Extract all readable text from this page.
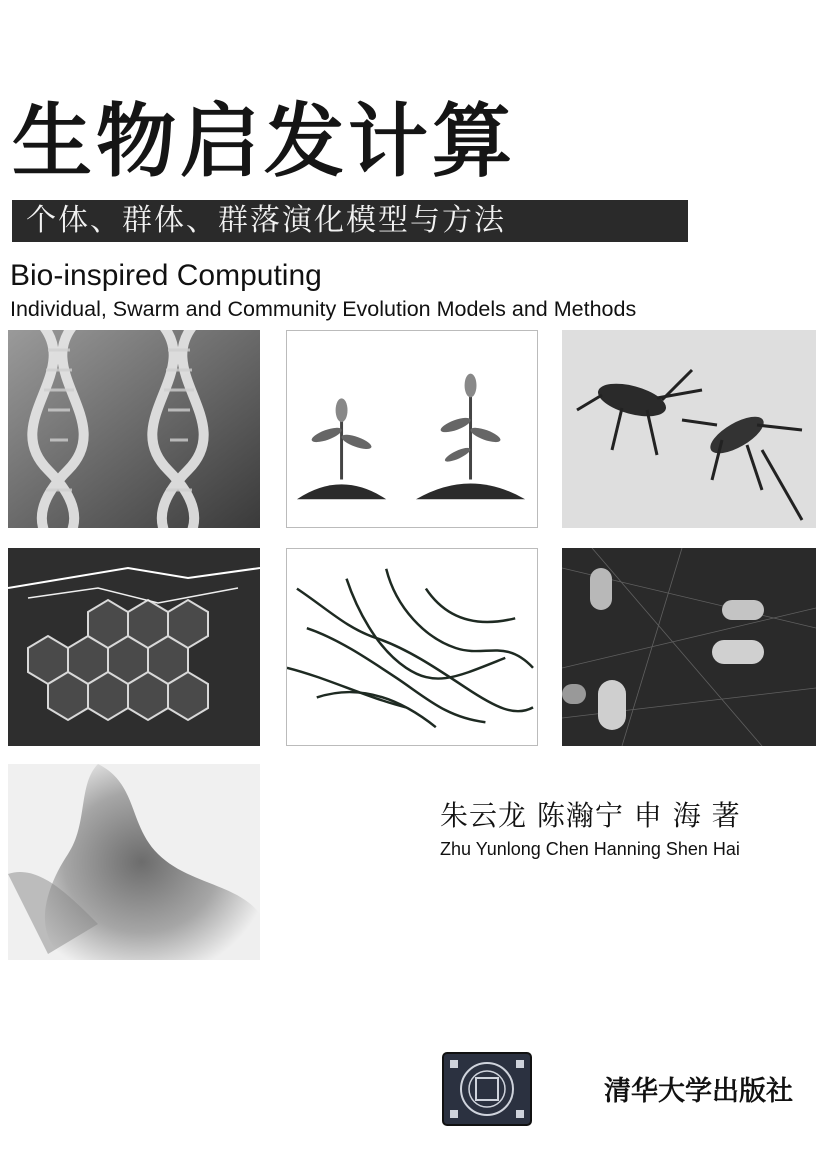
生物启发计算
个体、群体、群落演化模型与方法
Bio-inspired Computing
Individual, Swarm and Community Evolution Models and Methods
朱云龙 陈瀚宁 申 海 著
Zhu Yunlong Chen Hanning Shen Hai
清华大学出版社
